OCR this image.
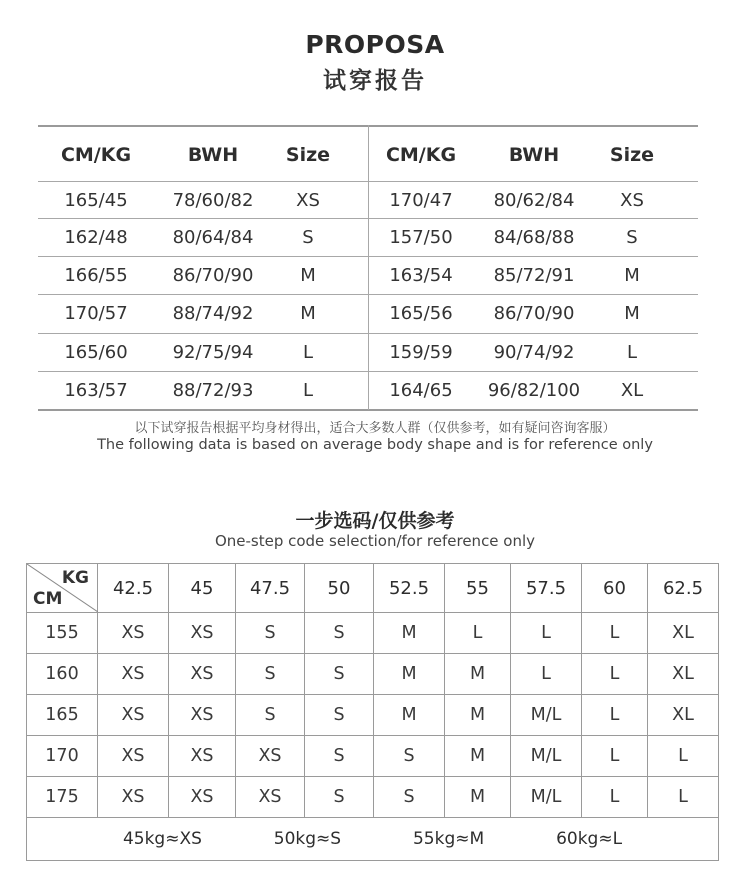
PROPOSA
试穿报告
CM/KG	BWH	Size	CM/KG	BWH	Size
165/45	78/60/82	XS	170/47	80/62/84	XS
162/48	80/64/84	S	157/50	84/68/88	S
166/55	86/70/90	M	163/54	85/72/91	M
170/57	88/74/92	M	165/56	86/70/90	M
165/60	92/75/94	L	159/59	90/74/92	L
163/57	88/72/93	L	164/65	96/82/100	XL
以下试穿报告根据平均身材得出，适合大多数人群（仅供参考，如有疑问咨询客服）
The following data is based on average body shape and is for reference only
一步选码/仅供参考
One-step code selection/for reference only
KG
CM	42.5	45	47.5	50	52.5	55	57.5	60	62.5
155	XS	XS	S	S	M	L	L	L	XL
160	XS	XS	S	S	M	M	L	L	XL
165	XS	XS	S	S	M	M	M/L	L	XL
170	XS	XS	XS	S	S	M	M/L	L	L
175	XS	XS	XS	S	S	M	M/L	L	L

45kg≈XS 50kg≈S 55kg≈M 60kg≈L									
